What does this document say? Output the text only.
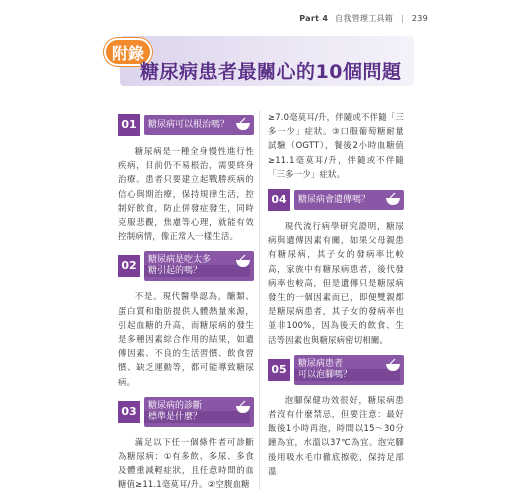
Part 4 自我管理工具箱 | 239
附錄
糖尿病患者最關心的10個問題
01	糖尿病可以根治嗎？

糖尿病是一種全身慢性進行性疾病，目前仍不易根治，需要終身治療。患者只要建立起戰勝疾病的信心與期治療，保持規律生活，控制好飲食，防止併發症發生，同時克服悲觀，焦慮等心理，就能有效控制病情，像正常人一樣生活。

02	糖尿病是吃太多
糖引起的嗎？

不是。現代醫學認為，醣類、蛋白質和脂肪提供人體熱量來源，引起血糖的升高，而糖尿病的發生是多種因素綜合作用的結果，如遺傳因素、不良的生活習慣、飲食習慣、缺乏運動等，都可能導致糖尿病。

03	糖尿病的診斷
標準是什麼？

滿足以下任一個條件者可診斷為糖尿病：①有多飲、多尿、多食及體重減輕症狀，且任意時間的血糖值≥11.1毫莫耳/升。②空腹血糖

≥7.0毫莫耳/升，伴隨或不伴隨「三多一少」症狀。③口服葡萄糖耐量試驗（OGTT），餐後2小時血糖值≥11.1毫莫耳/升，伴隨或不伴隨「三多一少」症狀。

04	糖尿病會遺傳嗎？

現代流行病學研究證明，糖尿病與遺傳因素有關，如果父母親患有糖尿病，其子女的發病率比較高，家族中有糖尿病患者，後代發病率也較高，但是遺傳只是糖尿病發生的一個因素而已，即便雙親都是糖尿病患者，其子女的發病率也並非100%，因為後天的飲食、生活等因素也與糖尿病密切相關。

05	糖尿病患者
可以泡腳嗎？

泡腳保健功效很好，糖尿病患者沒有什麼禁忌，但要注意：最好飯後1小時再泡，時間以15～30分鐘為宜，水溫以37℃為宜。泡完腳後用吸水毛巾徹底擦乾，保持足部溫
